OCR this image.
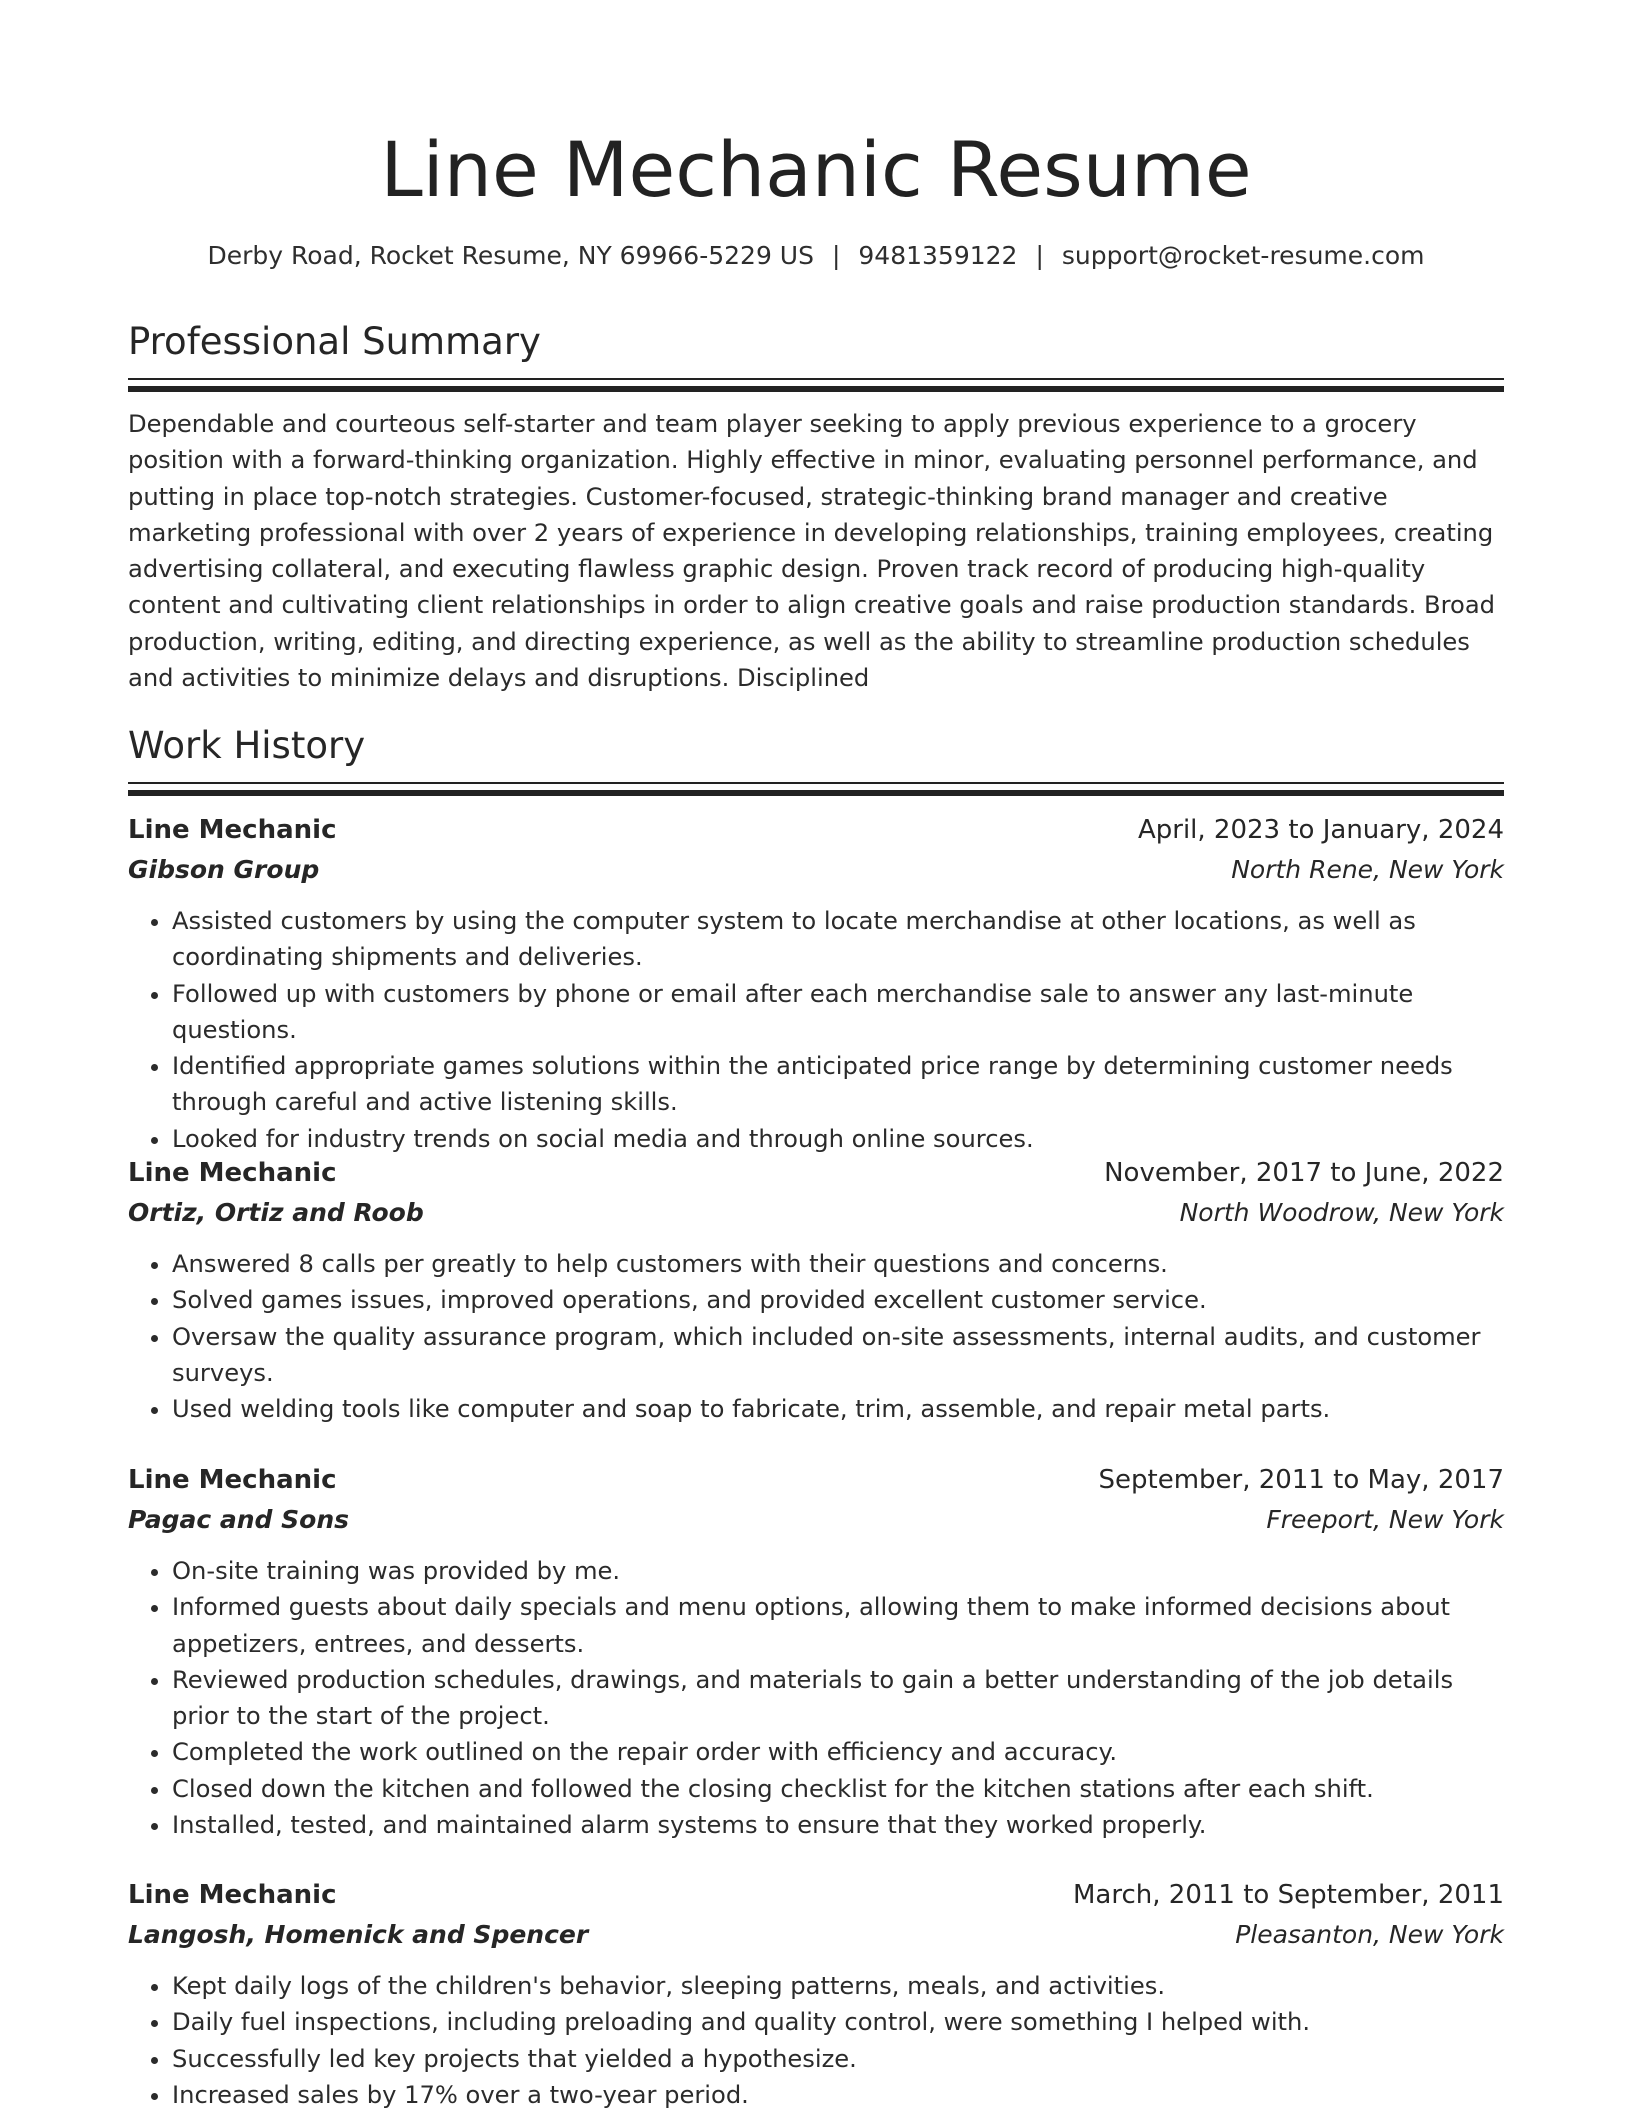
Line Mechanic Resume
Derby Road, Rocket Resume, NY 69966-5229 US | 9481359122 | support@rocket-resume.com
Professional Summary

Dependable and courteous self-starter and team player seeking to apply previous experience to a grocery position with a forward-thinking organization. Highly effective in minor, evaluating personnel performance, and putting in place top-notch strategies. Customer-focused, strategic-thinking brand manager and creative marketing professional with over 2 years of experience in developing relationships, training employees, creating advertising collateral, and executing flawless graphic design. Proven track record of producing high-quality content and cultivating client relationships in order to align creative goals and raise production standards. Broad production, writing, editing, and directing experience, as well as the ability to streamline production schedules and activities to minimize delays and disruptions. Disciplined

Work History
Line Mechanic	April, 2023 to January, 2024
Gibson Group	North Rene, New York
• Assisted customers by using the computer system to locate merchandise at other locations, as well as coordinating shipments and deliveries.
• Followed up with customers by phone or email after each merchandise sale to answer any last-minute questions.
• Identified appropriate games solutions within the anticipated price range by determining customer needs through careful and active listening skills.
• Looked for industry trends on social media and through online sources.
Line Mechanic	November, 2017 to June, 2022
Ortiz, Ortiz and Roob	North Woodrow, New York
• Answered 8 calls per greatly to help customers with their questions and concerns.
• Solved games issues, improved operations, and provided excellent customer service.
• Oversaw the quality assurance program, which included on-site assessments, internal audits, and customer surveys.
• Used welding tools like computer and soap to fabricate, trim, assemble, and repair metal parts.
Line Mechanic	September, 2011 to May, 2017
Pagac and Sons	Freeport, New York
• On-site training was provided by me.
• Informed guests about daily specials and menu options, allowing them to make informed decisions about appetizers, entrees, and desserts.
• Reviewed production schedules, drawings, and materials to gain a better understanding of the job details prior to the start of the project.
• Completed the work outlined on the repair order with efficiency and accuracy.
• Closed down the kitchen and followed the closing checklist for the kitchen stations after each shift.
• Installed, tested, and maintained alarm systems to ensure that they worked properly.
Line Mechanic	March, 2011 to September, 2011
Langosh, Homenick and Spencer	Pleasanton, New York
• Kept daily logs of the children's behavior, sleeping patterns, meals, and activities.
• Daily fuel inspections, including preloading and quality control, were something I helped with.
• Successfully led key projects that yielded a hypothesize.
• Increased sales by 17% over a two-year period.
